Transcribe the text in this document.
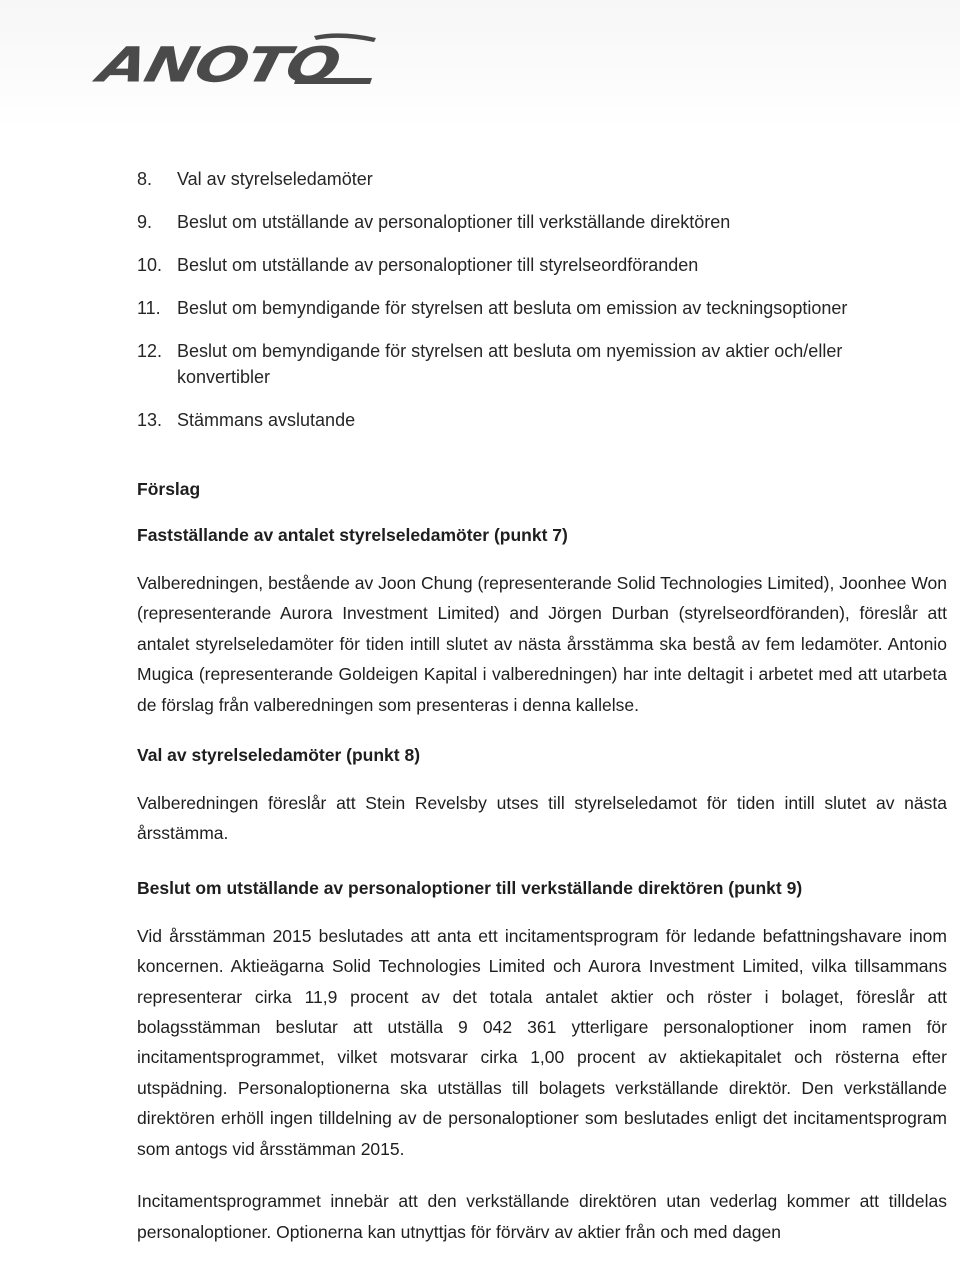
ANOTO
8. Val av styrelseledamöter
9. Beslut om utställande av personaloptioner till verkställande direktören
10. Beslut om utställande av personaloptioner till styrelseordföranden
11. Beslut om bemyndigande för styrelsen att besluta om emission av teckningsoptioner
12. Beslut om bemyndigande för styrelsen att besluta om nyemission av aktier och/eller konvertibler
13. Stämmans avslutande
Förslag
Fastställande av antalet styrelseledamöter (punkt 7)

Valberedningen, bestående av Joon Chung (representerande Solid Technologies Limited), Joonhee Won (representerande Aurora Investment Limited) and Jörgen Durban (styrelseordföranden), föreslår att antalet styrelseledamöter för tiden intill slutet av nästa årsstämma ska bestå av fem ledamöter. Antonio Mugica (representerande Goldeigen Kapital i valberedningen) har inte deltagit i arbetet med att utarbeta de förslag från valberedningen som presenteras i denna kallelse.

Val av styrelseledamöter (punkt 8)

Valberedningen föreslår att Stein Revelsby utses till styrelseledamot för tiden intill slutet av nästa årsstämma.

Beslut om utställande av personaloptioner till verkställande direktören (punkt 9)

Vid årsstämman 2015 beslutades att anta ett incitamentsprogram för ledande befattningshavare inom koncernen. Aktieägarna Solid Technologies Limited och Aurora Investment Limited, vilka tillsammans representerar cirka 11,9 procent av det totala antalet aktier och röster i bolaget, föreslår att bolagsstämman beslutar att utställa 9 042 361 ytterligare personaloptioner inom ramen för incitamentsprogrammet, vilket motsvarar cirka 1,00 procent av aktiekapitalet och rösterna efter utspädning. Personaloptionerna ska utställas till bolagets verkställande direktör. Den verkställande direktören erhöll ingen tilldelning av de personaloptioner som beslutades enligt det incitamentsprogram som antogs vid årsstämman 2015.

Incitamentsprogrammet innebär att den verkställande direktören utan vederlag kommer att tilldelas personaloptioner. Optionerna kan utnyttjas för förvärv av aktier från och med dagen
